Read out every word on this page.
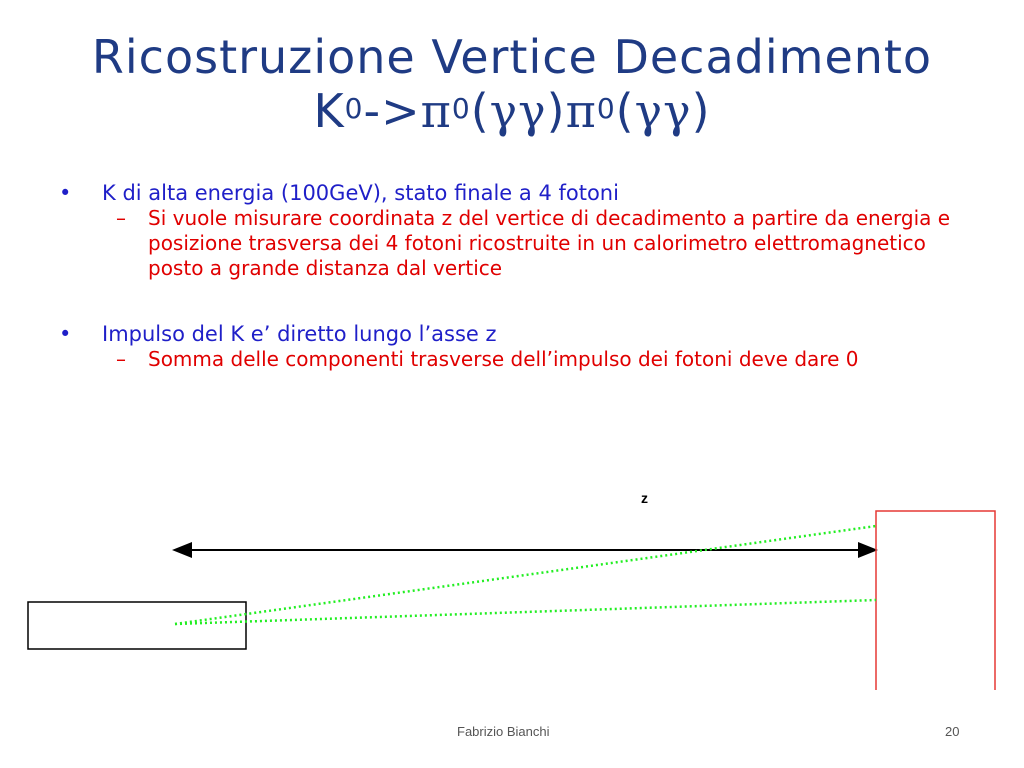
Ricostruzione Vertice Decadimento
$K^0->\pi^0(\gamma\gamma)\pi^0(\gamma\gamma)$
• K di alta energia (100GeV), stato finale a 4 fotoni
– Si vuole misurare coordinata z del vertice di decadimento a partire da energia e posizione trasversa dei 4 fotoni ricostruite in un calorimetro elettromagnetico posto a grande distanza dal vertice
• Impulso del K e’ diretto lungo l’asse z
– Somma delle componenti trasverse dell’impulso dei fotoni deve dare 0
z
Fabrizio Bianchi	20
